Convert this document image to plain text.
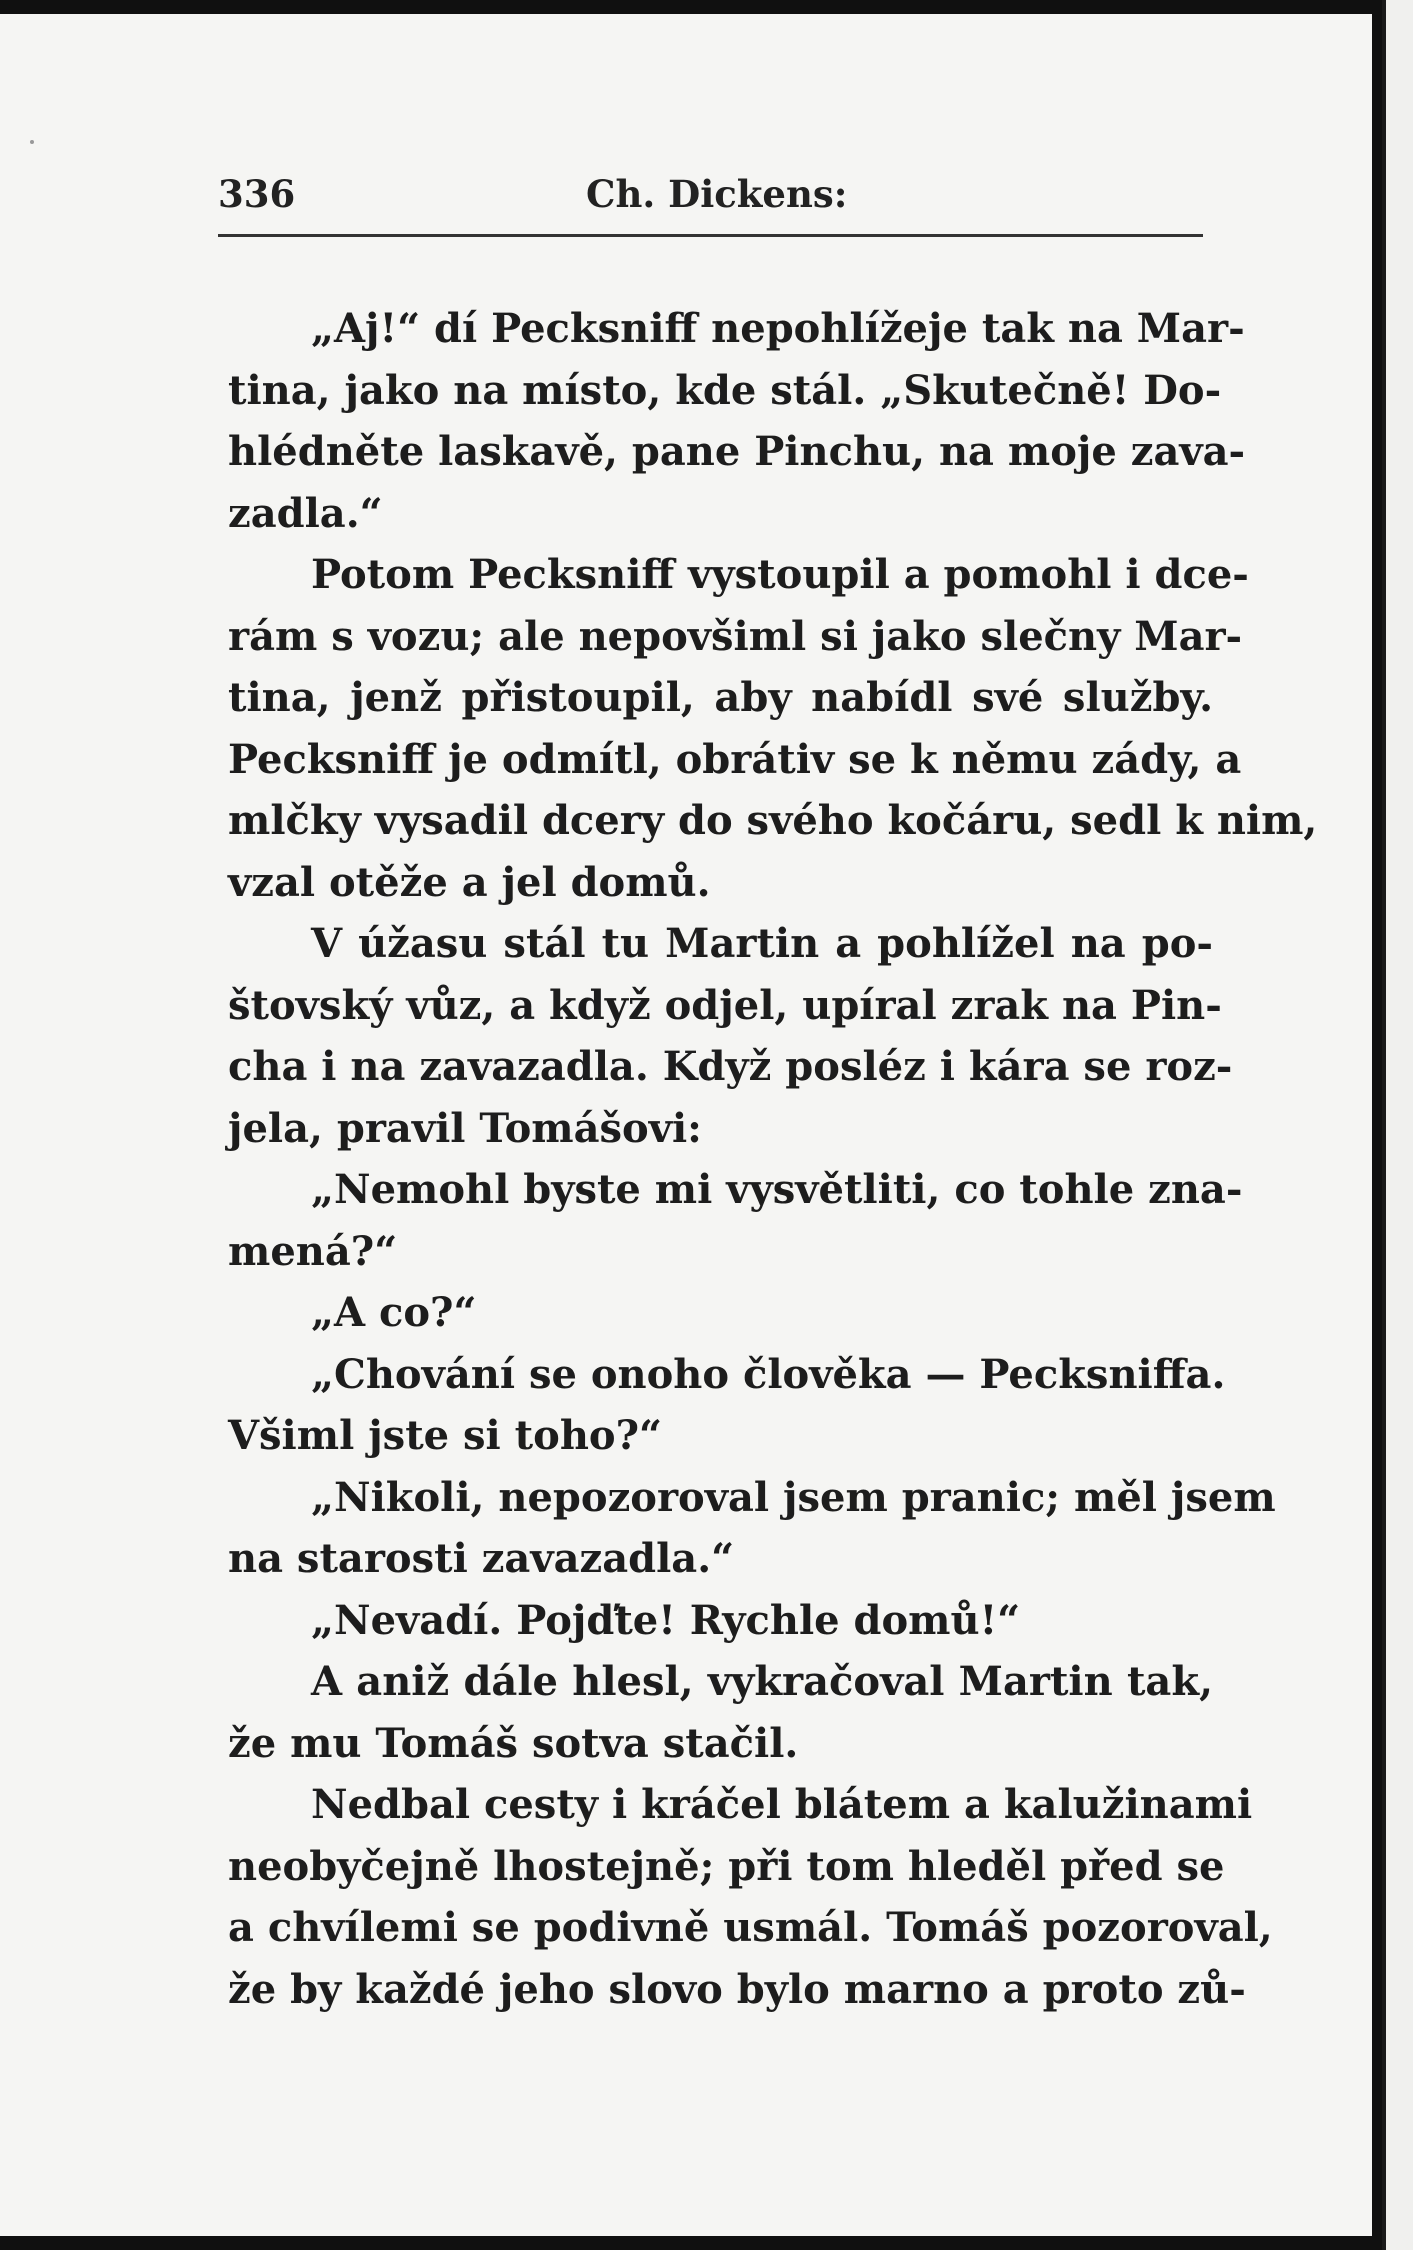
336	Ch. Dickens:
„Aj!“ dí Pecksniff nepohlížeje tak na Mar-
tina, jako na místo, kde stál. „Skutečně! Do-
hlédněte laskavě, pane Pinchu, na moje zava-
zadla.“
Potom Pecksniff vystoupil a pomohl i dce-
rám s vozu; ale nepovšiml si jako slečny Mar-
tina, jenž přistoupil, aby nabídl své služby.
Pecksniff je odmítl, obrátiv se k němu zády, a
mlčky vysadil dcery do svého kočáru, sedl k nim,
vzal otěže a jel domů.
V úžasu stál tu Martin a pohlížel na po-
štovský vůz, a když odjel, upíral zrak na Pin-
cha i na zavazadla. Když posléz i kára se roz-
jela, pravil Tomášovi:
„Nemohl byste mi vysvětliti, co tohle zna-
mená?“
„A co?“
„Chování se onoho člověka — Pecksniffa.
Všiml jste si toho?“
„Nikoli, nepozoroval jsem pranic; měl jsem
na starosti zavazadla.“
„Nevadí. Pojďte! Rychle domů!“
A aniž dále hlesl, vykračoval Martin tak,
že mu Tomáš sotva stačil.
Nedbal cesty i kráčel blátem a kalužinami
neobyčejně lhostejně; při tom hleděl před se
a chvílemi se podivně usmál. Tomáš pozoroval,
že by každé jeho slovo bylo marno a proto zů-
